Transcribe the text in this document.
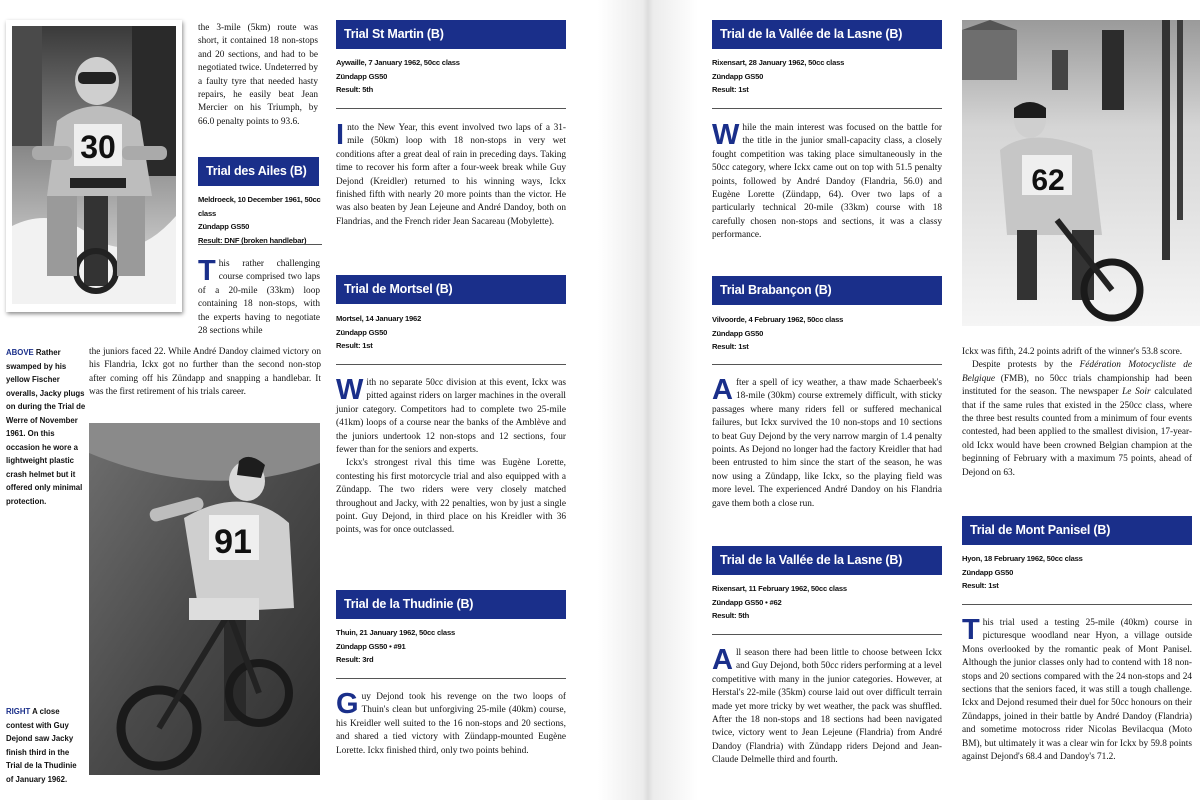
30

the 3-mile (5km) route was short, it contained 18 non-stops and 20 sections, and had to be negotiated twice. Undeterred by a faulty tyre that needed hasty repairs, he easily beat Jean Mercier on his Triumph, by 66.0 penalty points to 93.6.

Trial des Ailes (B)
Meldroeck, 10 December 1961, 50cc class
Zündapp GS50
Result: DNF (broken handlebar)

This rather challenging course comprised two laps of a 20-mile (33km) loop containing 18 non-stops, with the experts having to negotiate 28 sections while

the juniors faced 22. While André Dandoy claimed victory on his Flandria, Ickx got no further than the second non-stop after coming off his Zündapp and snapping a handlebar. It was the first retirement of his trials career.

ABOVE Rather swamped by his yellow Fischer overalls, Jacky plugs on during the Trial de Werre of November 1961. On this occasion he wore a lightweight plastic crash helmet but it offered only minimal protection.
91
RIGHT A close contest with Guy Dejond saw Jacky finish third in the Trial de la Thudinie of January 1962.
Trial St Martin (B)
Aywaille, 7 January 1962, 50cc class
Zündapp GS50
Result: 5th

Into the New Year, this event involved two laps of a 31-mile (50km) loop with 18 non-stops in very wet conditions after a great deal of rain in preceding days. Taking time to recover his form after a four-week break while Guy Dejond (Kreidler) returned to his winning ways, Ickx finished fifth with nearly 20 more points than the victor. He was also beaten by Jean Lejeune and André Dandoy, both on Flandrias, and the French rider Jean Sacareau (Mobylette).

Trial de Mortsel (B)
Mortsel, 14 January 1962
Zündapp GS50
Result: 1st

With no separate 50cc division at this event, Ickx was pitted against riders on larger machines in the overall junior category. Competitors had to complete two 25-mile (41km) loops of a course near the banks of the Amblève and the juniors undertook 12 non-stops and 12 sections, four fewer than for the seniors and experts.

Ickx's strongest rival this time was Eugène Lorette, contesting his first motorcycle trial and also equipped with a Zündapp. The two riders were very closely matched throughout and Jacky, with 22 penalties, won by just a single point. Guy Dejond, in third place on his Kreidler with 36 points, was for once outclassed.

Trial de la Thudinie (B)
Thuin, 21 January 1962, 50cc class
Zündapp GS50 • #91
Result: 3rd

Guy Dejond took his revenge on the two loops of Thuin's clean but unforgiving 25-mile (40km) course, his Kreidler well suited to the 16 non-stops and 20 sections, and shared a tied victory with Zündapp-mounted Eugène Lorette. Ickx finished third, only two points behind.

Trial de la Vallée de la Lasne (B)
Rixensart, 28 January 1962, 50cc class
Zündapp GS50
Result: 1st

While the main interest was focused on the battle for the title in the junior small-capacity class, a closely fought competition was taking place simultaneously in the 50cc category, where Ickx came out on top with 51.5 penalty points, followed by André Dandoy (Flandria, 56.0) and Eugène Lorette (Zündapp, 64). Over two laps of a particularly technical 20-mile (33km) course with 18 carefully chosen non-stops and sections, it was a classy performance.

Trial Brabançon (B)
Vilvoorde, 4 February 1962, 50cc class
Zündapp GS50
Result: 1st

After a spell of icy weather, a thaw made Schaerbeek's 18-mile (30km) course extremely difficult, with sticky passages where many riders fell or suffered mechanical failures, but Ickx survived the 10 non-stops and 10 sections to beat Guy Dejond by the very narrow margin of 1.4 penalty points. As Dejond no longer had the factory Kreidler that had been entrusted to him since the start of the season, he was now using a Zündapp, like Ickx, so the playing field was more level. The experienced André Dandoy on his Flandria gave them both a close run.

Trial de la Vallée de la Lasne (B)
Rixensart, 11 February 1962, 50cc class
Zündapp GS50 • #62
Result: 5th

All season there had been little to choose between Ickx and Guy Dejond, both 50cc riders performing at a level competitive with many in the junior categories. However, at Herstal's 22-mile (35km) course laid out over difficult terrain made yet more tricky by wet weather, the pack was shuffled. After the 18 non-stops and 18 sections had been navigated twice, victory went to Jean Lejeune (Flandria) from André Dandoy (Flandria) with Zündapp riders Dejond and Jean-Claude Delmelle third and fourth.

62

Ickx was fifth, 24.2 points adrift of the winner's 53.8 score.

Despite protests by the Fédération Motocycliste de Belgique (FMB), no 50cc trials championship had been instituted for the season. The newspaper Le Soir calculated that if the same rules that existed in the 250cc class, where the three best results counted from a minimum of four events contested, had been applied to the smallest division, 17-year-old Ickx would have been crowned Belgian champion at the beginning of February with a maximum 75 points, ahead of Dejond on 63.

Trial de Mont Panisel (B)
Hyon, 18 February 1962, 50cc class
Zündapp GS50
Result: 1st

This trial used a testing 25-mile (40km) course in picturesque woodland near Hyon, a village outside Mons overlooked by the romantic peak of Mont Panisel. Although the junior classes only had to contend with 18 non-stops and 20 sections compared with the 24 non-stops and 24 sections that the seniors faced, it was still a tough challenge. Ickx and Dejond resumed their duel for 50cc honours on their Zündapps, joined in their battle by André Dandoy (Flandria) and sometime motocross rider Nicolas Bevilacqua (Moto BM), but ultimately it was a clear win for Ickx by 59.8 points against Dejond's 68.4 and Dandoy's 71.2.
